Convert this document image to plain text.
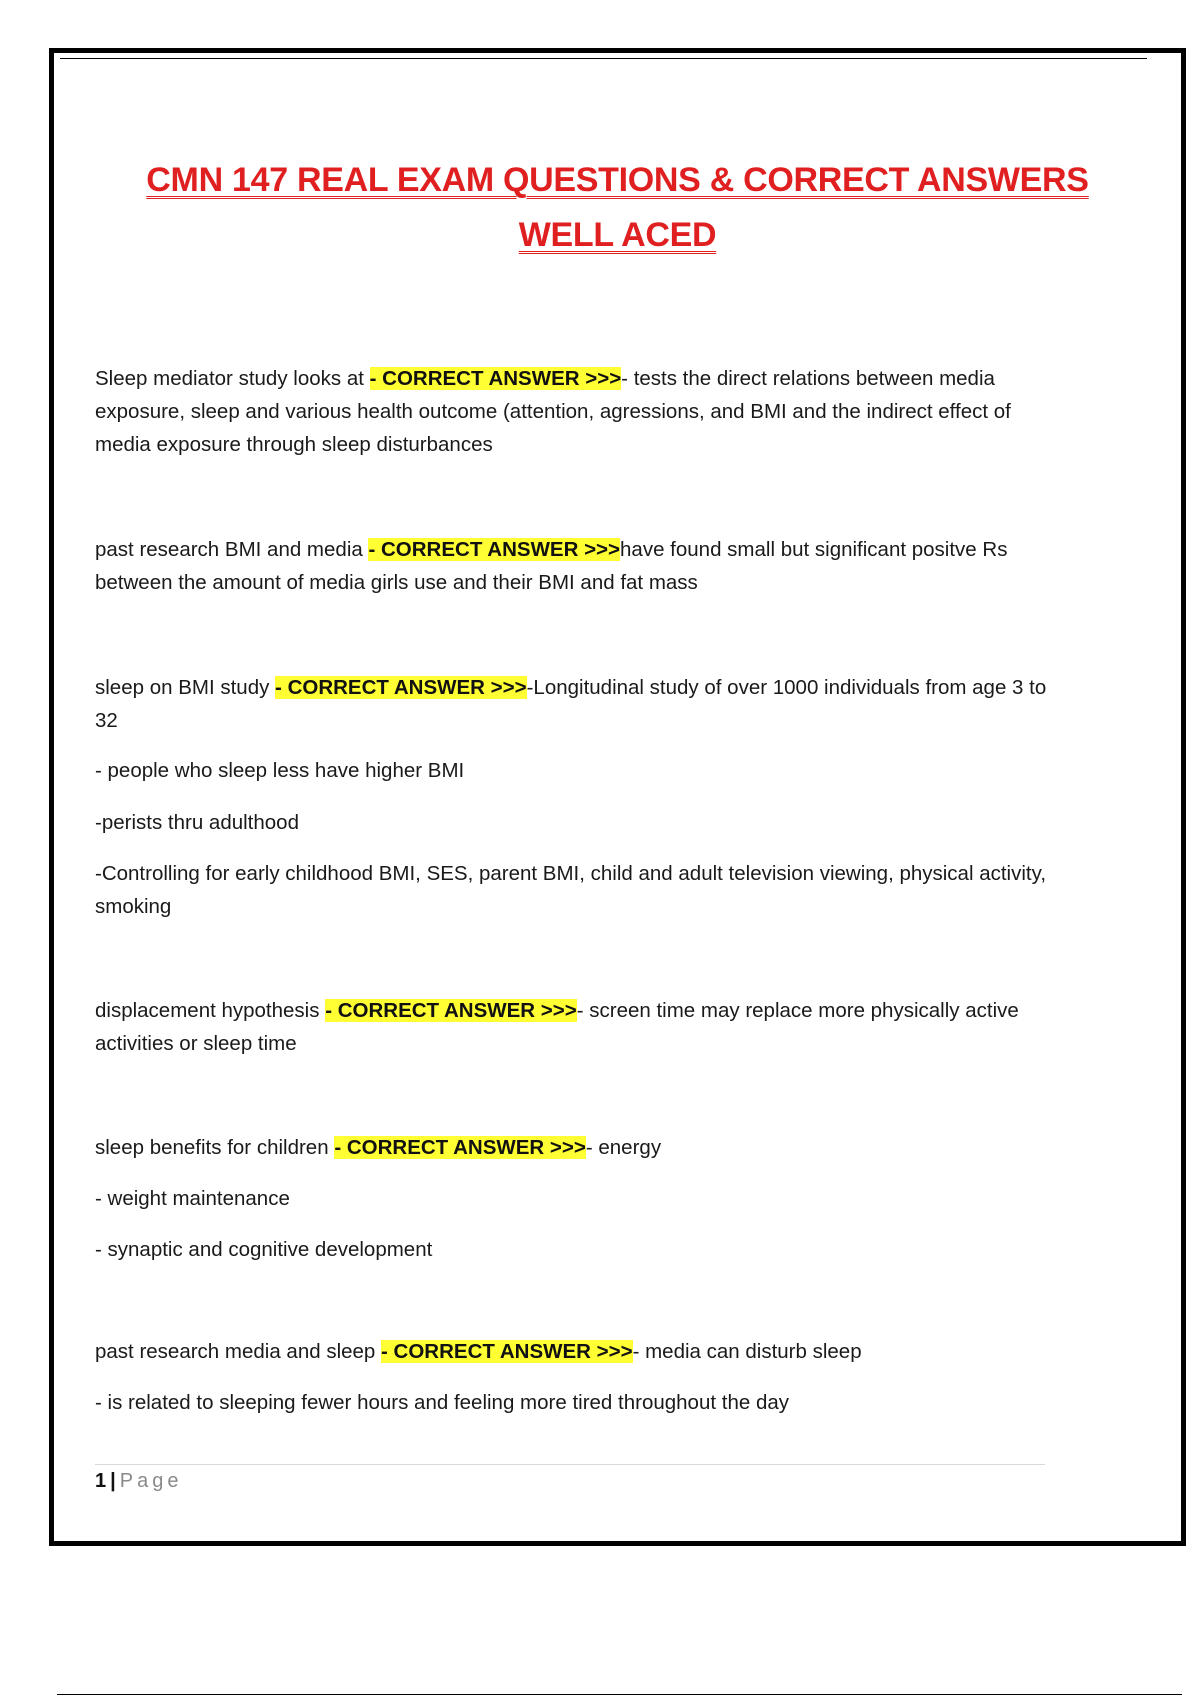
CMN 147 REAL EXAM QUESTIONS & CORRECT ANSWERS
WELL ACED

Sleep mediator study looks at - CORRECT ANSWER >>>- tests the direct relations between media exposure, sleep and various health outcome (attention, agressions, and BMI and the indirect effect of media exposure through sleep disturbances

past research BMI and media - CORRECT ANSWER >>>have found small but significant positve Rs between the amount of media girls use and their BMI and fat mass

sleep on BMI study - CORRECT ANSWER >>>-Longitudinal study of over 1000 individuals from age 3 to 32

- people who sleep less have higher BMI

-perists thru adulthood

-Controlling for early childhood BMI, SES, parent BMI, child and adult television viewing, physical activity, smoking

displacement hypothesis - CORRECT ANSWER >>>- screen time may replace more physically active activities or sleep time

sleep benefits for children - CORRECT ANSWER >>>- energy

- weight maintenance

- synaptic and cognitive development

past research media and sleep - CORRECT ANSWER >>>- media can disturb sleep

- is related to sleeping fewer hours and feeling more tired throughout the day

1 | Page
